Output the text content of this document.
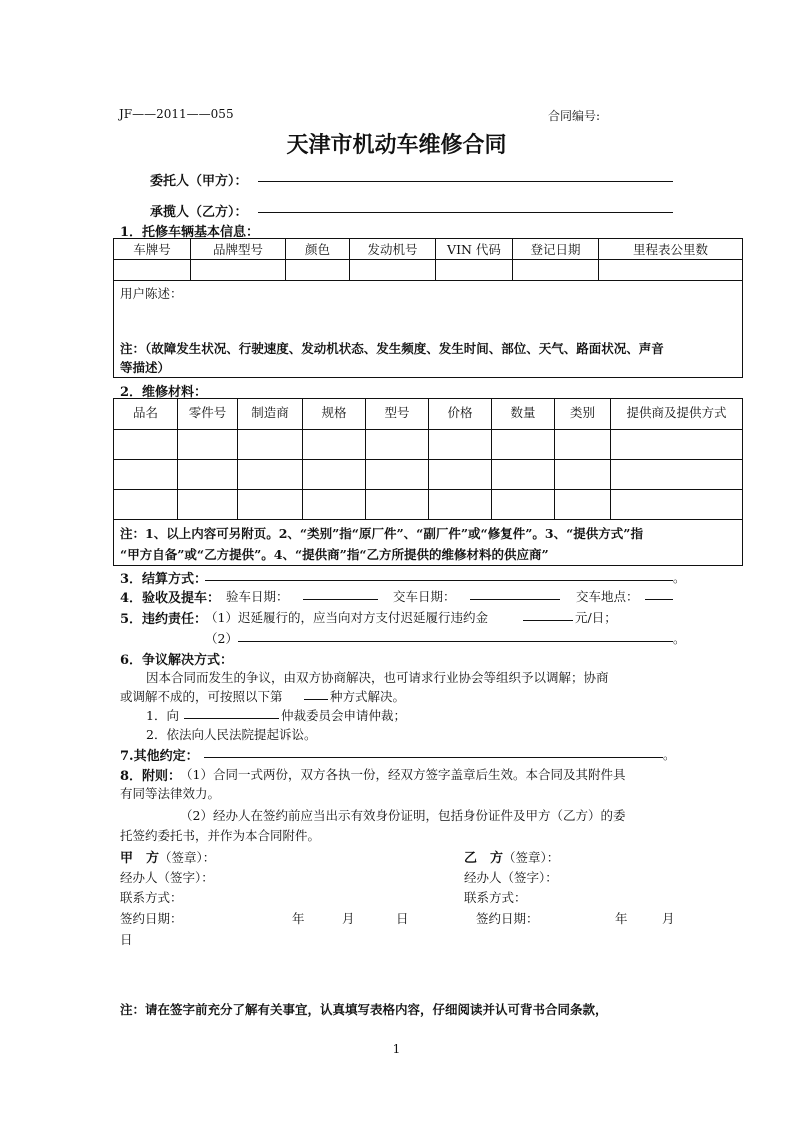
JF——2011——055	合同编号:
天津市机动车维修合同
委托人（甲方）：
承揽人（乙方）：
1．托修车辆基本信息：
车牌号	品牌型号	颜色	发动机号	VIN 代码	登记日期	里程表公里数

用户陈述：
注：（故障发生状况、行驶速度、发动机状态、发生频度、发生时间、部位、天气、路面状况、声音
等描述）
2．维修材料：
品名	零件号	制造商	规格	型号	价格	数量	类别	提供商及提供方式

注：1、以上内容可另附页。2、“类别”指“原厂件”、“副厂件”或“修复件”。3、“提供方式”指
“甲方自备”或“乙方提供”。4、“提供商”指“乙方所提供的维修材料的供应商”
3．结算方式：	。
4．验收及提车： 验车日期：	交车日期：	交车地点：
5．违约责任：
（1）迟延履行的，应当向对方支付迟延履行违约金	元/日；
（2）	。
6．争议解决方式：
因本合同而发生的争议，由双方协商解决，也可请求行业协会等组织予以调解；协商
或调解不成的，可按照以下第	种方式解决。
1．向	仲裁委员会申请仲裁；
2．依法向人民法院提起诉讼。
7.其他约定：	。
8．附则：
（1）合同一式两份，双方各执一份，经双方签字盖章后生效。本合同及其附件具
有同等法律效力。
（2）经办人在签约前应当出示有效身份证明，包括身份证件及甲方（乙方）的委
托签约委托书，并作为本合同附件。
甲　方（签章）：
经办人（签字）：
联系方式：
签约日期：	年	月	日
乙　方（签章）：
经办人（签字）：
联系方式：
签约日期：	年	月
日
注：请在签字前充分了解有关事宜，认真填写表格内容，仔细阅读并认可背书合同条款，
1
